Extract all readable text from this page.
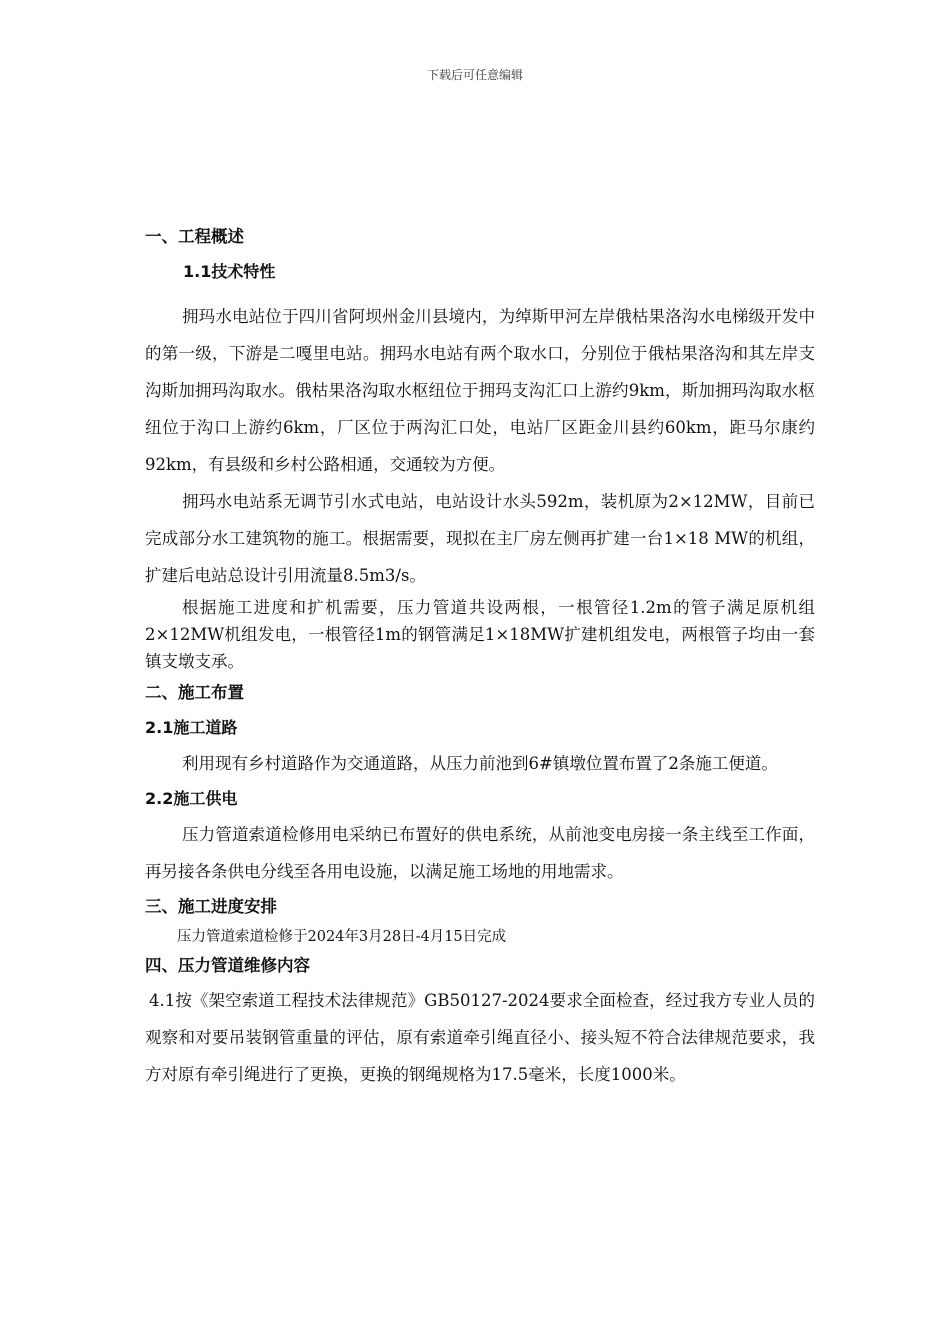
下载后可任意编辑
一、工程概述
1.1技术特性

拥玛水电站位于四川省阿坝州金川县境内，为绰斯甲河左岸俄枯果洛沟水电梯级开发中的第一级，下游是二嘎里电站。拥玛水电站有两个取水口，分别位于俄枯果洛沟和其左岸支沟斯加拥玛沟取水。俄枯果洛沟取水枢纽位于拥玛支沟汇口上游约9km，斯加拥玛沟取水枢纽位于沟口上游约6km，厂区位于两沟汇口处，电站厂区距金川县约60km，距马尔康约92km，有县级和乡村公路相通，交通较为方便。

拥玛水电站系无调节引水式电站，电站设计水头592m，装机原为2×12MW，目前已完成部分水工建筑物的施工。根据需要，现拟在主厂房左侧再扩建一台1×18 MW的机组，扩建后电站总设计引用流量8.5m3/s。

根据施工进度和扩机需要，压力管道共设两根，一根管径1.2m的管子满足原机组2×12MW机组发电，一根管径1m的钢管满足1×18MW扩建机组发电，两根管子均由一套镇支墩支承。

二、施工布置
2.1施工道路

利用现有乡村道路作为交通道路，从压力前池到6#镇墩位置布置了2条施工便道。

2.2施工供电

压力管道索道检修用电采纳已布置好的供电系统，从前池变电房接一条主线至工作面，再另接各条供电分线至各用电设施，以满足施工场地的用地需求。

三、施工进度安排

压力管道索道检修于2024年3月28日-4月15日完成

四、压力管道维修内容

4.1按《架空索道工程技术法律规范》GB50127-2024要求全面检查，经过我方专业人员的观察和对要吊装钢管重量的评估，原有索道牵引绳直径小、接头短不符合法律规范要求，我方对原有牵引绳进行了更换，更换的钢绳规格为17.5毫米，长度1000米。
